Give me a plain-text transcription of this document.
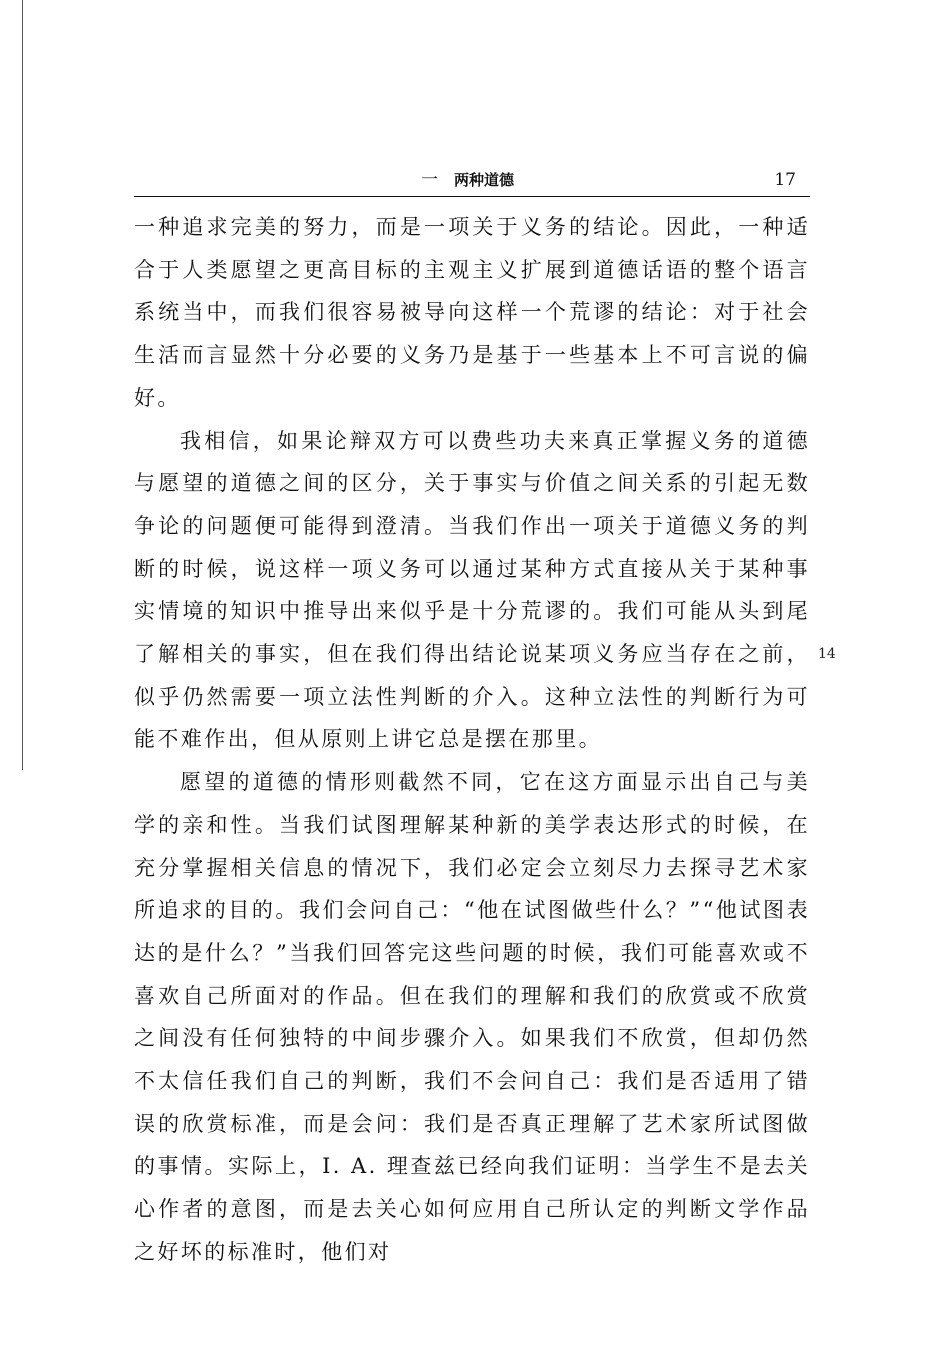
一 两种道德	17

一种追求完美的努力，而是一项关于义务的结论。因此，一种适合于人类愿望之更高目标的主观主义扩展到道德话语的整个语言系统当中，而我们很容易被导向这样一个荒谬的结论：对于社会生活而言显然十分必要的义务乃是基于一些基本上不可言说的偏好。

我相信，如果论辩双方可以费些功夫来真正掌握义务的道德与愿望的道德之间的区分，关于事实与价值之间关系的引起无数争论的问题便可能得到澄清。当我们作出一项关于道德义务的判断的时候，说这样一项义务可以通过某种方式直接从关于某种事实情境的知识中推导出来似乎是十分荒谬的。我们可能从头到尾了解相关的事实，但在我们得出结论说某项义务应当存在之前，似乎仍然需要一项立法性判断的介入。这种立法性的判断行为可能不难作出，但从原则上讲它总是摆在那里。

愿望的道德的情形则截然不同，它在这方面显示出自己与美学的亲和性。当我们试图理解某种新的美学表达形式的时候，在充分掌握相关信息的情况下，我们必定会立刻尽力去探寻艺术家所追求的目的。我们会问自己：“他在试图做些什么？”“他试图表达的是什么？”当我们回答完这些问题的时候，我们可能喜欢或不喜欢自己所面对的作品。但在我们的理解和我们的欣赏或不欣赏之间没有任何独特的中间步骤介入。如果我们不欣赏，但却仍然不太信任我们自己的判断，我们不会问自己：我们是否适用了错误的欣赏标准，而是会问：我们是否真正理解了艺术家所试图做的事情。实际上，I. A. 理查兹已经向我们证明：当学生不是去关心作者的意图，而是去关心如何应用自己所认定的判断文学作品之好坏的标准时，他们对

14
